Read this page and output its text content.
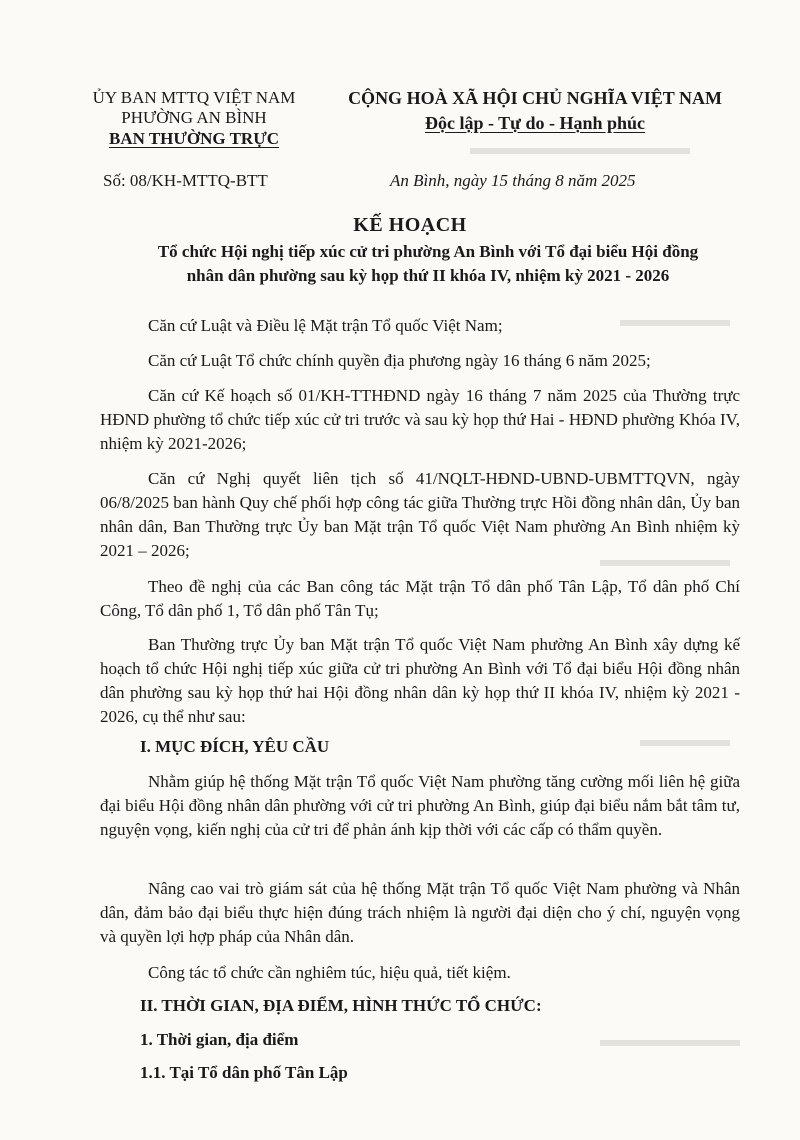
ỦY BAN MTTQ VIỆT NAM
PHƯỜNG AN BÌNH
BAN THƯỜNG TRỰC
CỘNG HOÀ XÃ HỘI CHỦ NGHĨA VIỆT NAM
Độc lập - Tự do - Hạnh phúc
Số: 08/KH-MTTQ-BTT	An Bình, ngày 15 tháng 8 năm 2025
KẾ HOẠCH
Tổ chức Hội nghị tiếp xúc cử tri phường An Bình với Tổ đại biểu Hội đồng
nhân dân phường sau kỳ họp thứ II khóa IV, nhiệm kỳ 2021 - 2026

Căn cứ Luật và Điều lệ Mặt trận Tổ quốc Việt Nam;

Căn cứ Luật Tổ chức chính quyền địa phương ngày 16 tháng 6 năm 2025;

Căn cứ Kế hoạch số 01/KH-TTHĐND ngày 16 tháng 7 năm 2025 của Thường trực HĐND phường tổ chức tiếp xúc cử tri trước và sau kỳ họp thứ Hai - HĐND phường Khóa IV, nhiệm kỳ 2021-2026;

Căn cứ Nghị quyết liên tịch số 41/NQLT-HĐND-UBND-UBMTTQVN, ngày 06/8/2025 ban hành Quy chế phối hợp công tác giữa Thường trực Hồi đồng nhân dân, Ủy ban nhân dân, Ban Thường trực Ủy ban Mặt trận Tổ quốc Việt Nam phường An Bình nhiệm kỳ 2021 – 2026;

Theo đề nghị của các Ban công tác Mặt trận Tổ dân phố Tân Lập, Tổ dân phố Chí Công, Tổ dân phố 1, Tổ dân phố Tân Tụ;

Ban Thường trực Ủy ban Mặt trận Tổ quốc Việt Nam phường An Bình xây dựng kế hoạch tổ chức Hội nghị tiếp xúc giữa cử tri phường An Bình với Tổ đại biểu Hội đồng nhân dân phường sau kỳ họp thứ hai Hội đồng nhân dân kỳ họp thứ II khóa IV, nhiệm kỳ 2021 - 2026, cụ thể như sau:

I. MỤC ĐÍCH, YÊU CẦU

Nhằm giúp hệ thống Mặt trận Tổ quốc Việt Nam phường tăng cường mối liên hệ giữa đại biểu Hội đồng nhân dân phường với cử tri phường An Bình, giúp đại biểu nắm bắt tâm tư, nguyện vọng, kiến nghị của cử tri để phản ánh kịp thời với các cấp có thẩm quyền.

Nâng cao vai trò giám sát của hệ thống Mặt trận Tổ quốc Việt Nam phường và Nhân dân, đảm bảo đại biểu thực hiện đúng trách nhiệm là người đại diện cho ý chí, nguyện vọng và quyền lợi hợp pháp của Nhân dân.

Công tác tổ chức cần nghiêm túc, hiệu quả, tiết kiệm.

II. THỜI GIAN, ĐỊA ĐIỂM, HÌNH THỨC TỔ CHỨC:
1. Thời gian, địa điểm
1.1. Tại Tổ dân phố Tân Lập
